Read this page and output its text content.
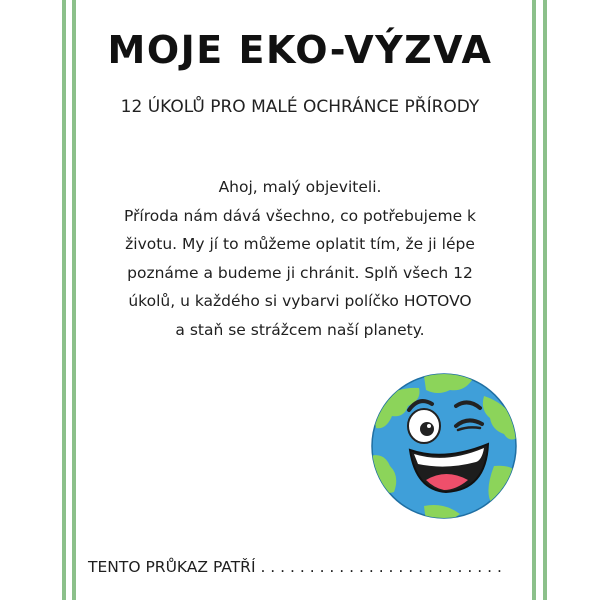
MOJE EKO-VÝZVA
12 ÚKOLŮ PRO MALÉ OCHRÁNCE PŘÍRODY
Ahoj, malý objeviteli.
Příroda nám dává všechno, co potřebujeme k
životu. My jí to můžeme oplatit tím, že ji lépe
poznáme a budeme ji chránit. Splň všech 12
úkolů, u každého si vybarvi políčko HOTOVO
a staň se strážcem naší planety.
TENTO PRŮKAZ PATŘÍ . . . . . . . . . . . . . . . . . . . . . . . . .
